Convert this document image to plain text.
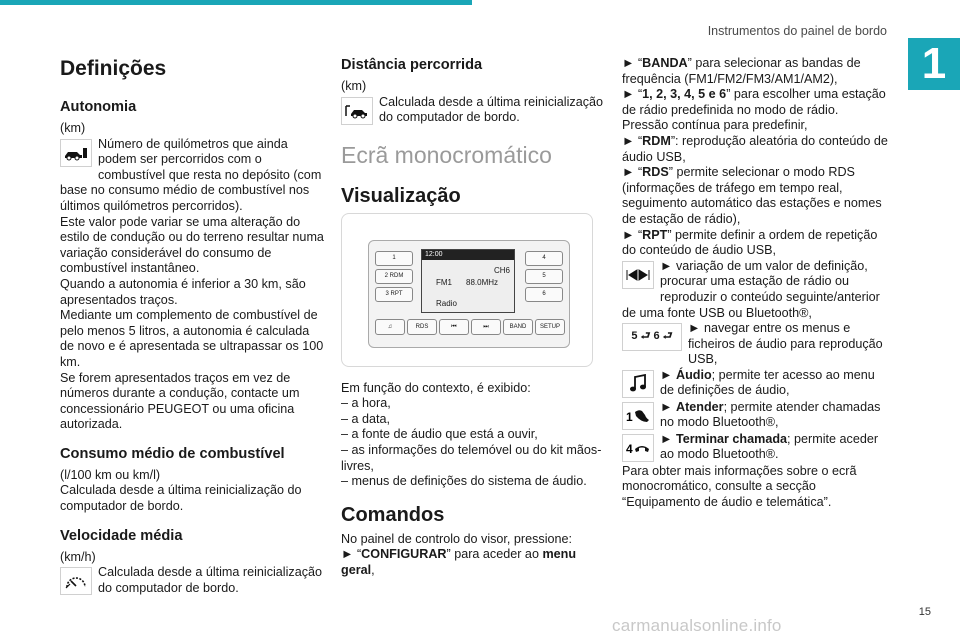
Instrumentos do painel de bordo
1
Definições
Autonomia

(km)

Número de quilómetros que ainda podem ser percorridos com o combustível que resta no depósito (com base no consumo médio de combustível nos últimos quilómetros percorridos).

Este valor pode variar se uma alteração do estilo de condução ou do terreno resultar numa variação considerável do consumo de combustível instantâneo.

Quando a autonomia é inferior a 30 km, são apresentados traços.

Mediante um complemento de combustível de pelo menos 5 litros, a autonomia é calculada de novo e é apresentada se ultrapassar os 100 km.

Se forem apresentados traços em vez de números durante a condução, contacte um concessionário PEUGEOT ou uma oficina autorizada.

Consumo médio de combustível

(l/100 km ou km/l)

Calculada desde a última reinicialização do computador de bordo.

Velocidade média

(km/h)

Calculada desde a última reinicialização do computador de bordo.

Distância percorrida

(km)

Calculada desde a última reinicialização do computador de bordo.

Ecrã monocromático
Visualização
1
2 RDM
3 RPT
12:00
CH6
FM1 88.0MHz
Radio
4
5
6
♫	RDS	⏮	⏭	BAND	SETUP

Em função do contexto, é exibido:

– a hora,

– a data,

– a fonte de áudio que está a ouvir,

– as informações do telemóvel ou do kit mãos-livres,

– menus de definições do sistema de áudio.

Comandos

No painel de controlo do visor, pressione:

► “CONFIGURAR” para aceder ao menu geral,

► “BANDA” para selecionar as bandas de frequência (FM1/FM2/FM3/AM1/AM2),

► “1, 2, 3, 4, 5 e 6” para escolher uma estação de rádio predefinida no modo de rádio. Pressão contínua para predefinir,

► “RDM”: reprodução aleatória do conteúdo de áudio USB,

► “RDS” permite selecionar o modo RDS (informações de tráfego em tempo real, seguimento automático das estações e nomes de estação de rádio),

► “RPT” permite definir a ordem de repetição do conteúdo de áudio USB,

► variação de um valor de definição, procurar uma estação de rádio ou reproduzir o conteúdo seguinte/anterior de uma fonte USB ou Bluetooth®,

5 ⮐ 6 ⮐

► navegar entre os menus e ficheiros de áudio para reprodução USB,

► Áudio; permite ter acesso ao menu de definições de áudio,

1

► Atender; permite atender chamadas no modo Bluetooth®,

4

► Terminar chamada; permite aceder ao modo Bluetooth®.

Para obter mais informações sobre o ecrã monocromático, consulte a secção “Equipamento de áudio e telemática”.

15
carmanualsonline.info
